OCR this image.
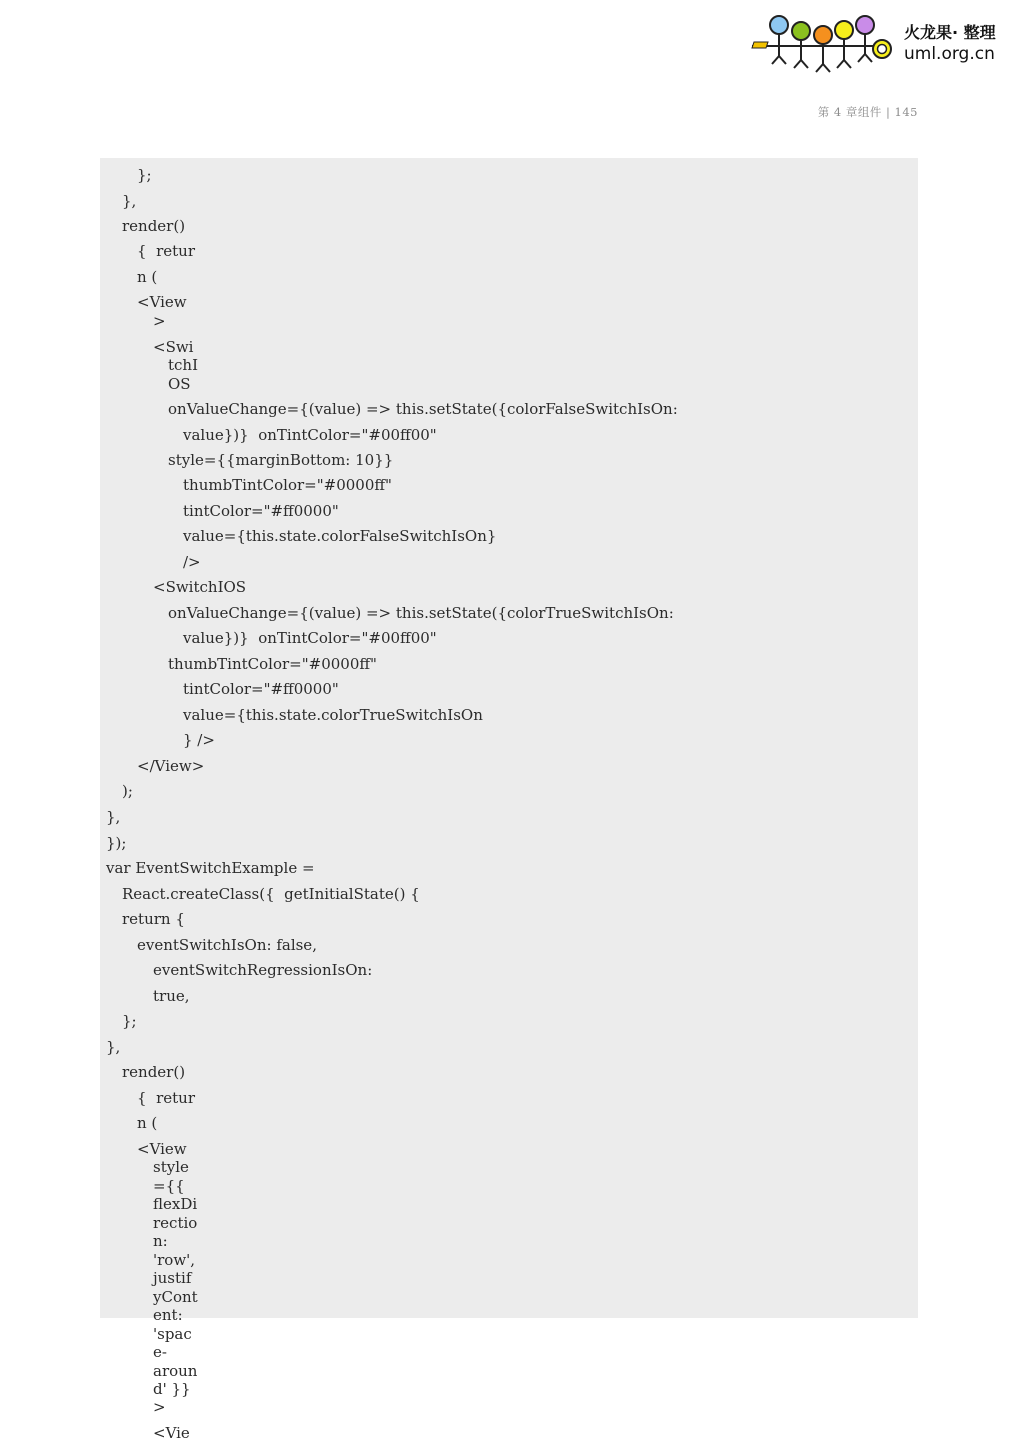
火龙果· 整理
uml.org.cn
第 4 章组件 | 145
};
},
render()
{  retur
n (
<View
>
<Swi
tchI
OS
onValueChange={(value) => this.setState({colorFalseSwitchIsOn:
value})}  onTintColor="#00ff00"
style={{marginBottom: 10}}
thumbTintColor="#0000ff"
tintColor="#ff0000"
value={this.state.colorFalseSwitchIsOn}
/>
<SwitchIOS
onValueChange={(value) => this.setState({colorTrueSwitchIsOn:
value})}  onTintColor="#00ff00"
thumbTintColor="#0000ff"
tintColor="#ff0000"
value={this.state.colorTrueSwitchIsOn
} />
</View>
);
},
});
var EventSwitchExample =
React.createClass({  getInitialState() {
return {
eventSwitchIsOn: false,
eventSwitchRegressionIsOn:
true,
};
},
render()
{  retur
n (
<View
style
={{
flexDi
rectio
n:
'row',
justif
yCont
ent:
'spac
e-
aroun
d' }}
>
<Vie
